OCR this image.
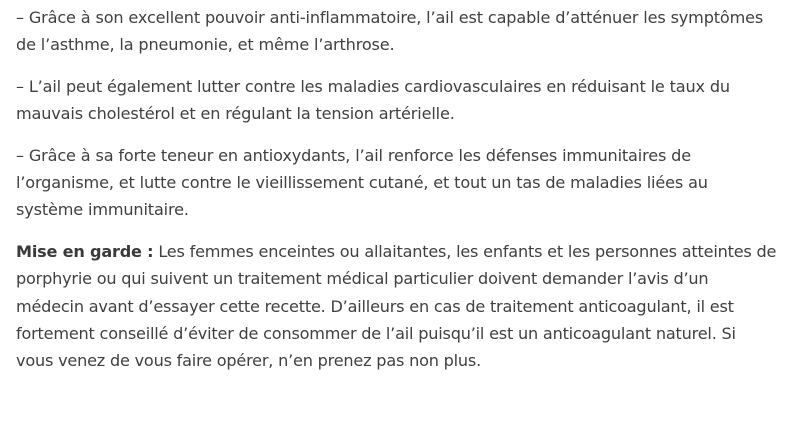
– Grâce à son excellent pouvoir anti-inflammatoire, l’ail est capable d’atténuer les symptômes de l’asthme, la pneumonie, et même l’arthrose.

– L’ail peut également lutter contre les maladies cardiovasculaires en réduisant le taux du mauvais cholestérol et en régulant la tension artérielle.

– Grâce à sa forte teneur en antioxydants, l’ail renforce les défenses immunitaires de l’organisme, et lutte contre le vieillissement cutané, et tout un tas de maladies liées au système immunitaire.

Mise en garde : Les femmes enceintes ou allaitantes, les enfants et les personnes atteintes de porphyrie ou qui suivent un traitement médical particulier doivent demander l’avis d’un médecin avant d’essayer cette recette. D’ailleurs en cas de traitement anticoagulant, il est fortement conseillé d’éviter de consommer de l’ail puisqu’il est un anticoagulant naturel. Si vous venez de vous faire opérer, n’en prenez pas non plus.
